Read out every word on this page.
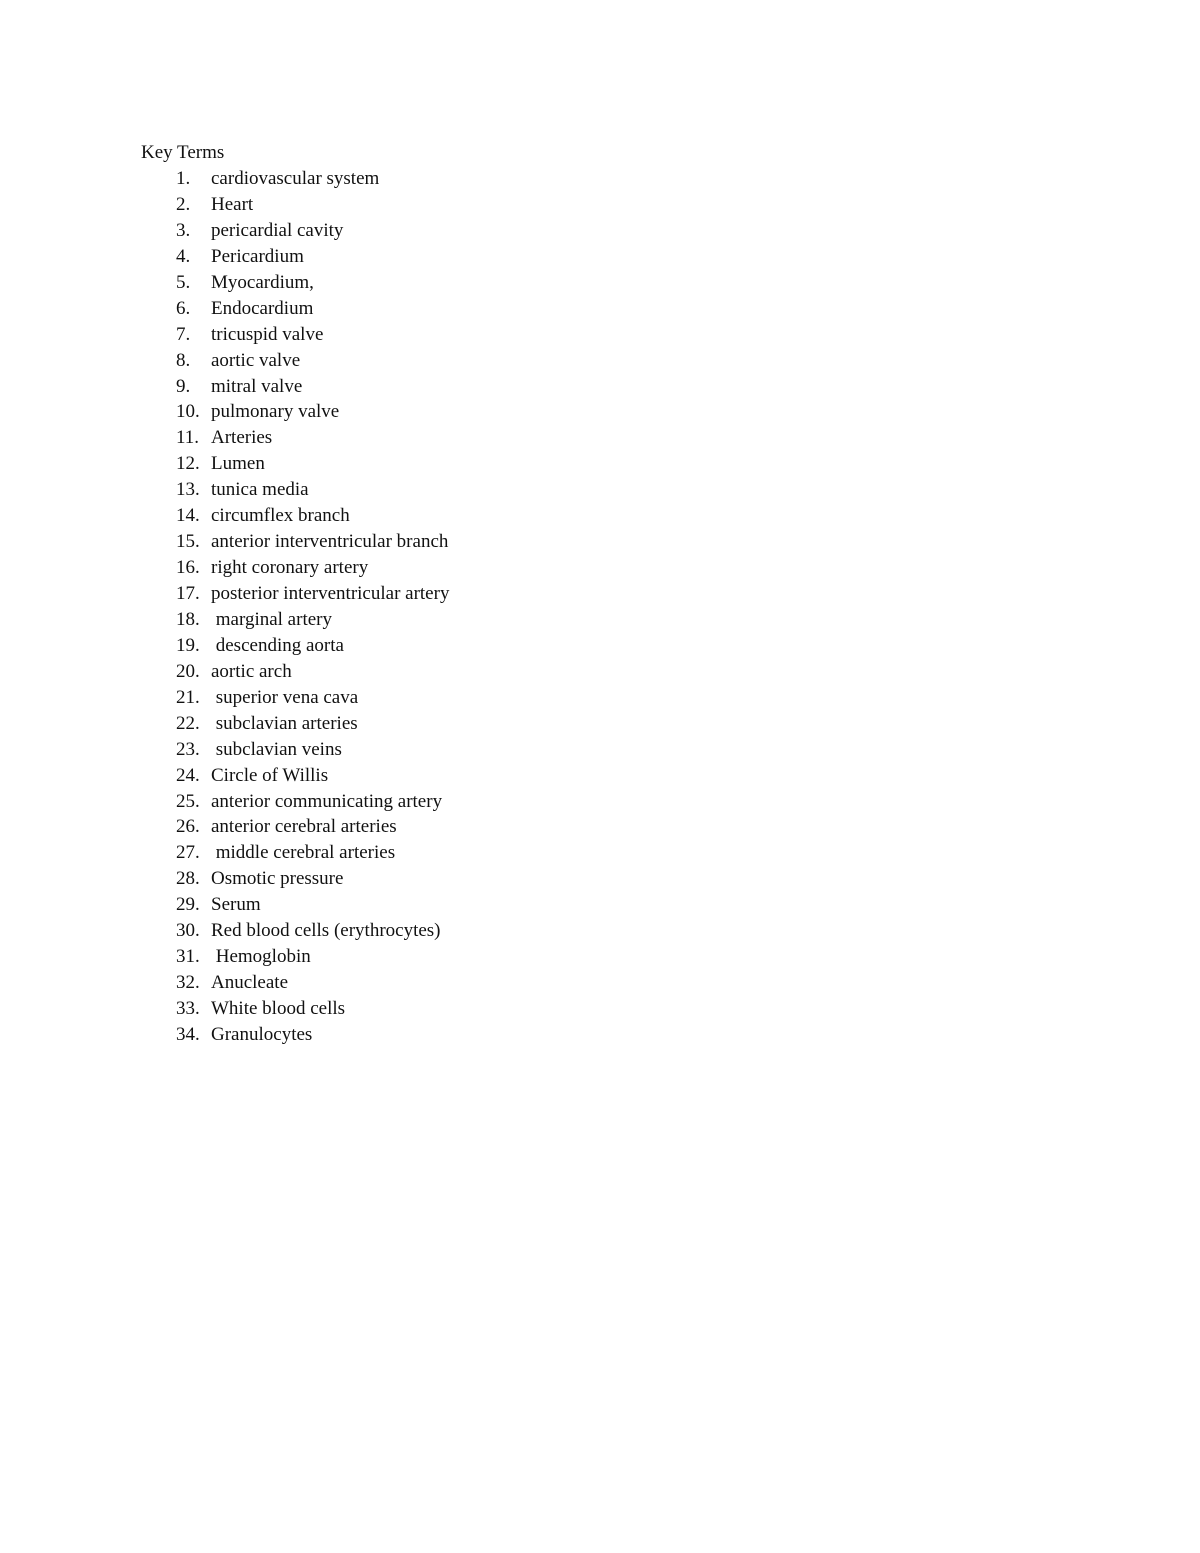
Key Terms
1. cardiovascular system
2. Heart
3. pericardial cavity
4. Pericardium
5. Myocardium,
6. Endocardium
7. tricuspid valve
8. aortic valve
9. mitral valve
10. pulmonary valve
11. Arteries
12. Lumen
13. tunica media
14. circumflex branch
15. anterior interventricular branch
16. right coronary artery
17. posterior interventricular artery
18. marginal artery
19. descending aorta
20. aortic arch
21. superior vena cava
22. subclavian arteries
23. subclavian veins
24. Circle of Willis
25. anterior communicating artery
26. anterior cerebral arteries
27. middle cerebral arteries
28. Osmotic pressure
29. Serum
30. Red blood cells (erythrocytes)
31. Hemoglobin
32. Anucleate
33. White blood cells
34. Granulocytes
